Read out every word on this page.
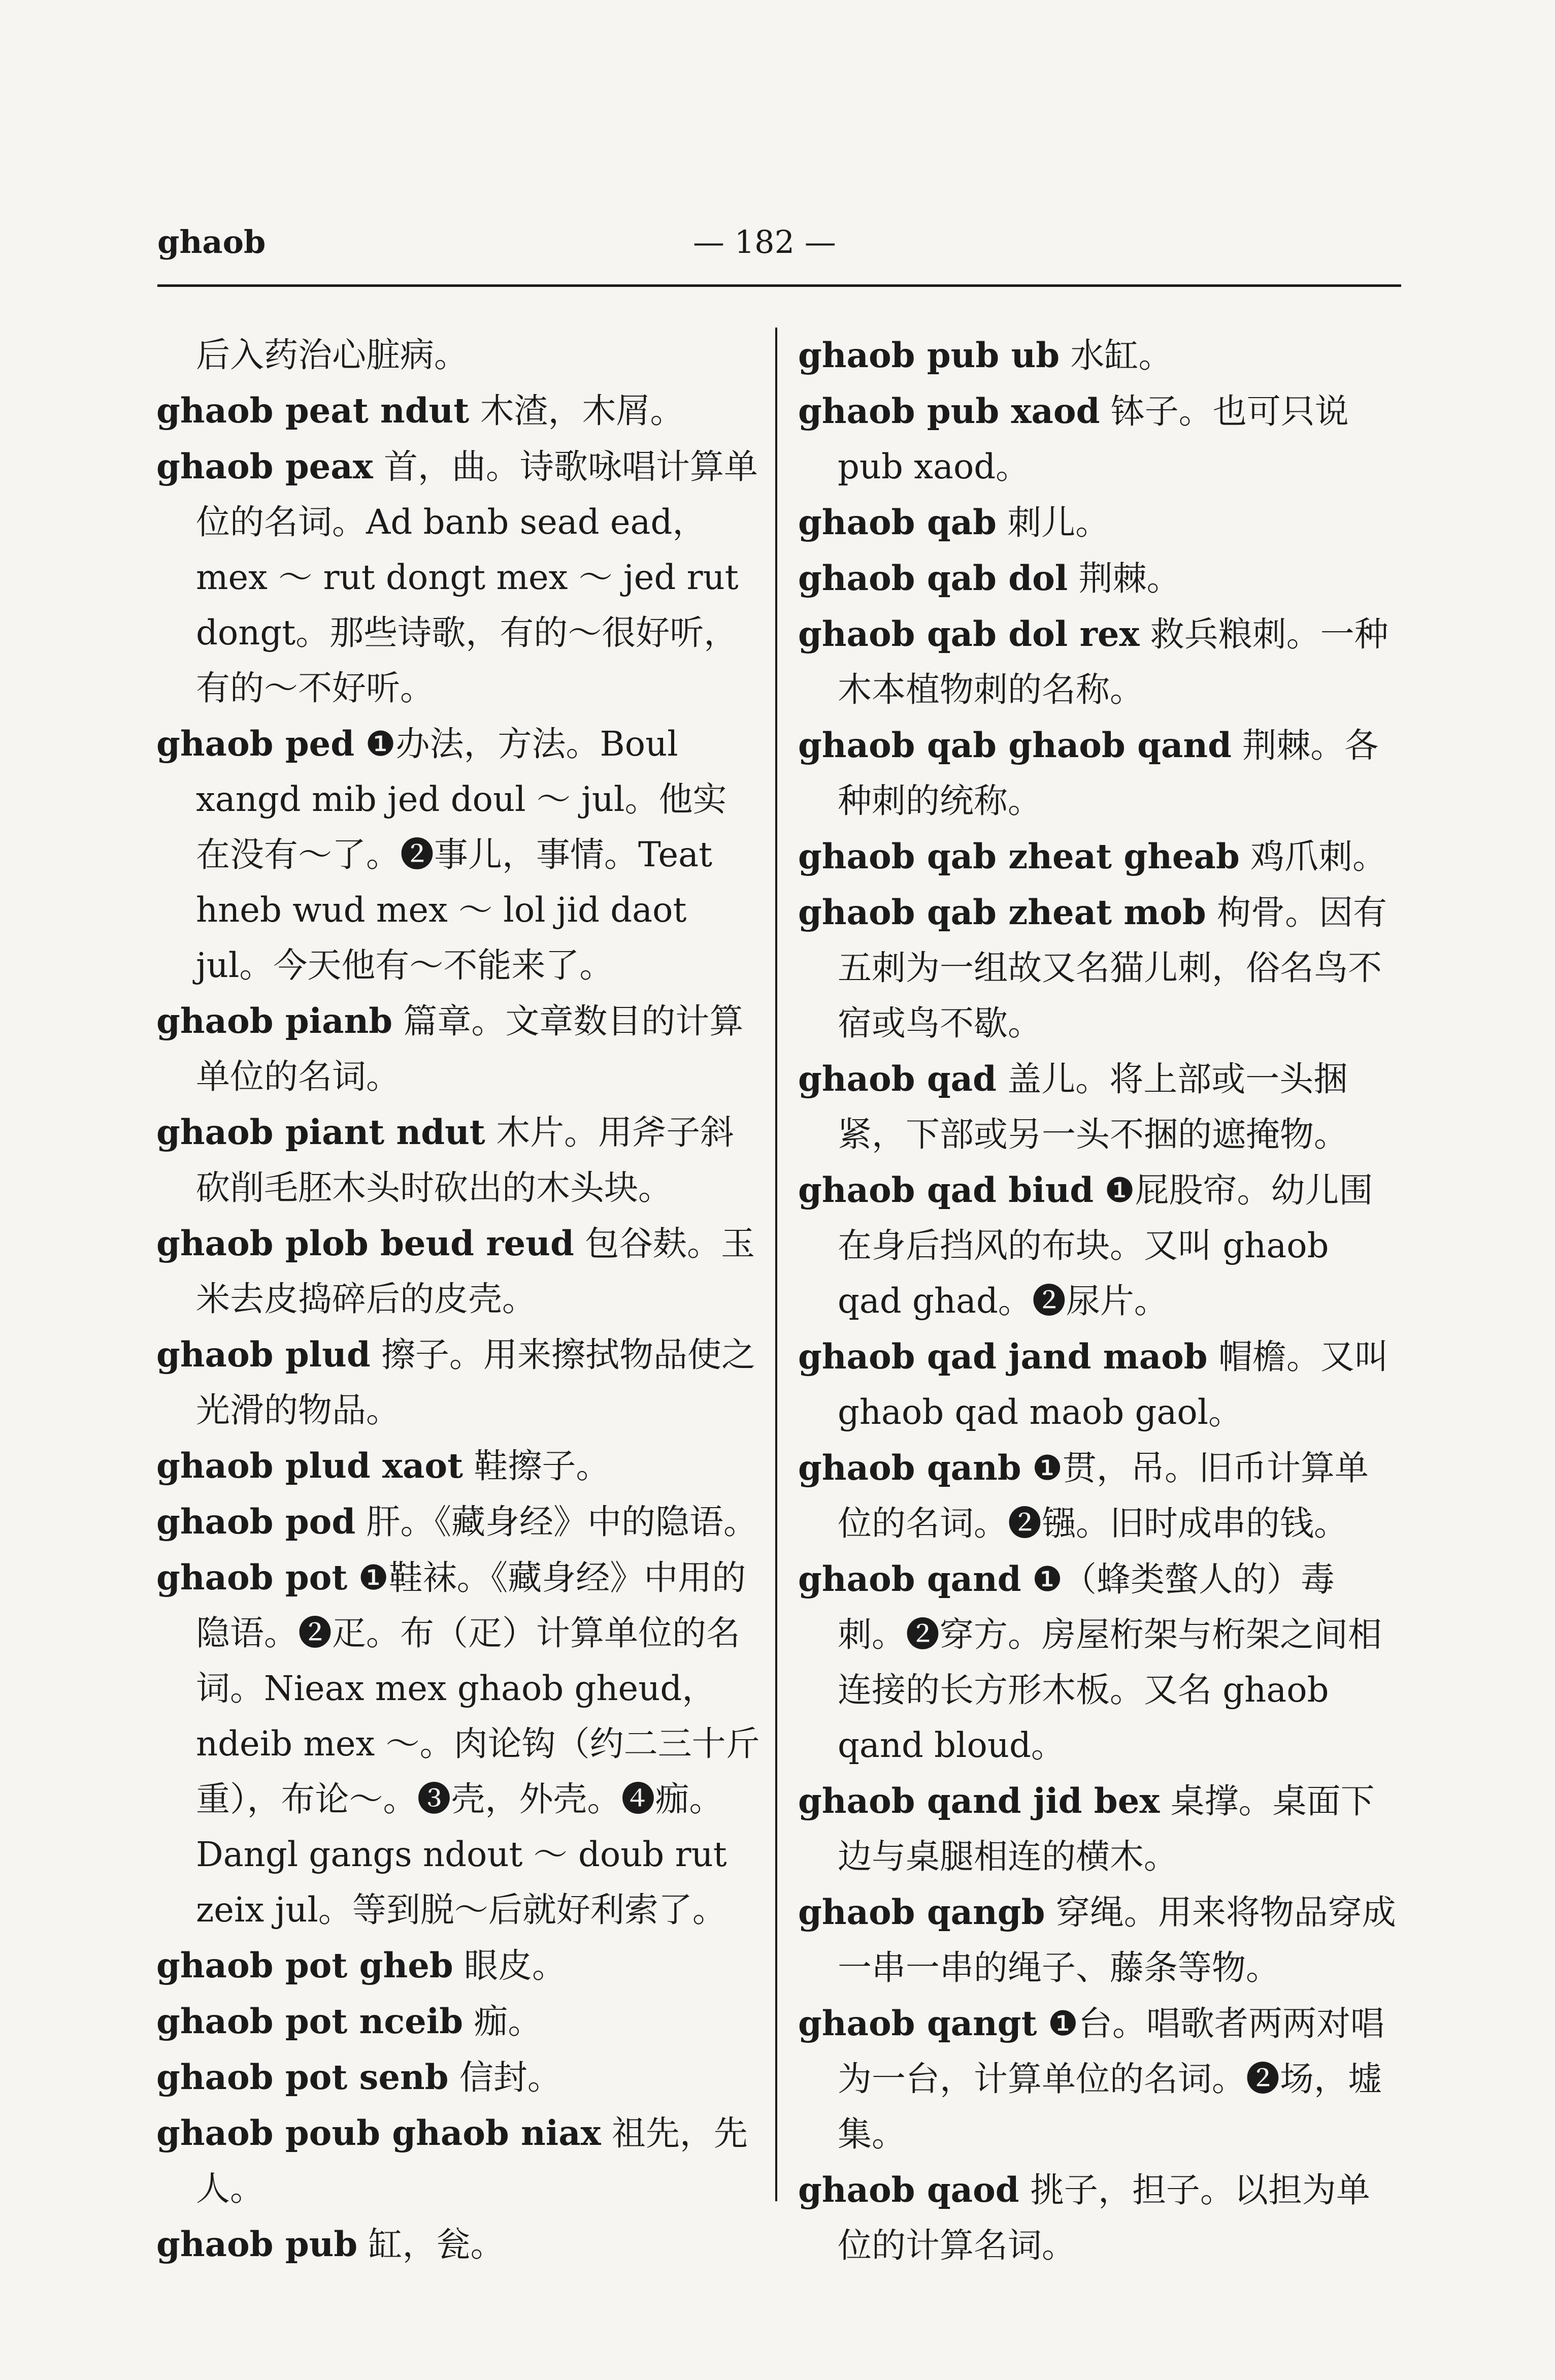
ghaob	— 182 —

后入药治心脏病。

ghaob peat ndut 木渣，木屑。

ghaob peax 首，曲。诗歌咏唱计算单位的名词。Ad banb sead ead，mex ～ rut dongt mex ～ jed rut dongt。那些诗歌，有的～很好听，有的～不好听。

ghaob ped ❶办法，方法。Boul xangd mib jed doul ～ jul。他实在没有～了。❷事儿，事情。Teat hneb wud mex ～ lol jid daot jul。今天他有～不能来了。

ghaob pianb 篇章。文章数目的计算单位的名词。

ghaob piant ndut 木片。用斧子斜砍削毛胚木头时砍出的木头块。

ghaob plob beud reud 包谷麸。玉米去皮捣碎后的皮壳。

ghaob plud 擦子。用来擦拭物品使之光滑的物品。

ghaob plud xaot 鞋擦子。

ghaob pod 肝。《藏身经》中的隐语。

ghaob pot ❶鞋袜。《藏身经》中用的隐语。❷疋。布（疋）计算单位的名词。Nieax mex ghaob gheud，ndeib mex ～。肉论钩（约二三十斤重），布论～。❸壳，外壳。❹痂。Dangl gangs ndout ～ doub rut zeix jul。等到脱～后就好利索了。

ghaob pot gheb 眼皮。

ghaob pot nceib 痂。

ghaob pot senb 信封。

ghaob poub ghaob niax 祖先，先人。

ghaob pub 缸，瓮。

ghaob pub ub 水缸。

ghaob pub xaod 钵子。也可只说 pub xaod。

ghaob qab 刺儿。

ghaob qab dol 荆棘。

ghaob qab dol rex 救兵粮刺。一种木本植物刺的名称。

ghaob qab ghaob qand 荆棘。各种刺的统称。

ghaob qab zheat gheab 鸡爪刺。

ghaob qab zheat mob 枸骨。因有五刺为一组故又名猫儿刺，俗名鸟不宿或鸟不歇。

ghaob qad 盖儿。将上部或一头捆紧，下部或另一头不捆的遮掩物。

ghaob qad biud ❶屁股帘。幼儿围在身后挡风的布块。又叫 ghaob qad ghad。❷尿片。

ghaob qad jand maob 帽檐。又叫 ghaob qad maob gaol。

ghaob qanb ❶贯，吊。旧币计算单位的名词。❷镪。旧时成串的钱。

ghaob qand ❶（蜂类螫人的）毒刺。❷穿方。房屋桁架与桁架之间相连接的长方形木板。又名 ghaob qand bloud。

ghaob qand jid bex 桌撑。桌面下边与桌腿相连的横木。

ghaob qangb 穿绳。用来将物品穿成一串一串的绳子、藤条等物。

ghaob qangt ❶台。唱歌者两两对唱为一台，计算单位的名词。❷场，墟集。

ghaob qaod 挑子，担子。以担为单位的计算名词。
